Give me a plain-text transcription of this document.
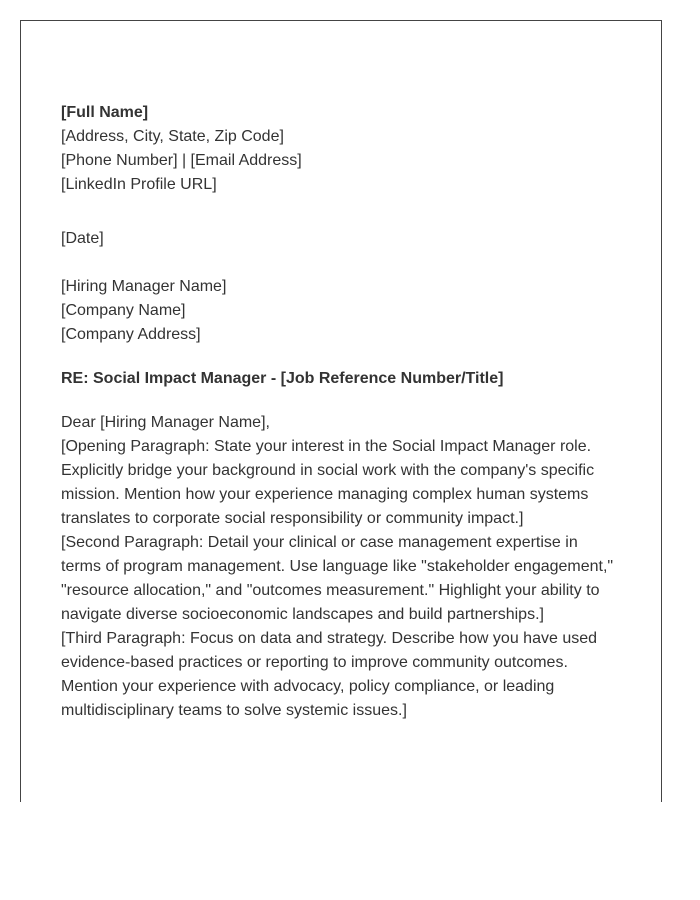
[Full Name]
[Address, City, State, Zip Code]
[Phone Number] | [Email Address]
[LinkedIn Profile URL]
[Date]
[Hiring Manager Name]
[Company Name]
[Company Address]
RE: Social Impact Manager - [Job Reference Number/Title]
Dear [Hiring Manager Name],

[Opening Paragraph: State your interest in the Social Impact Manager role. Explicitly bridge your background in social work with the company's specific mission. Mention how your experience managing complex human systems translates to corporate social responsibility or community impact.]

[Second Paragraph: Detail your clinical or case management expertise in terms of program management. Use language like "stakeholder engagement," "resource allocation," and "outcomes measurement." Highlight your ability to navigate diverse socioeconomic landscapes and build partnerships.]

[Third Paragraph: Focus on data and strategy. Describe how you have used evidence-based practices or reporting to improve community outcomes. Mention your experience with advocacy, policy compliance, or leading multidisciplinary teams to solve systemic issues.]
